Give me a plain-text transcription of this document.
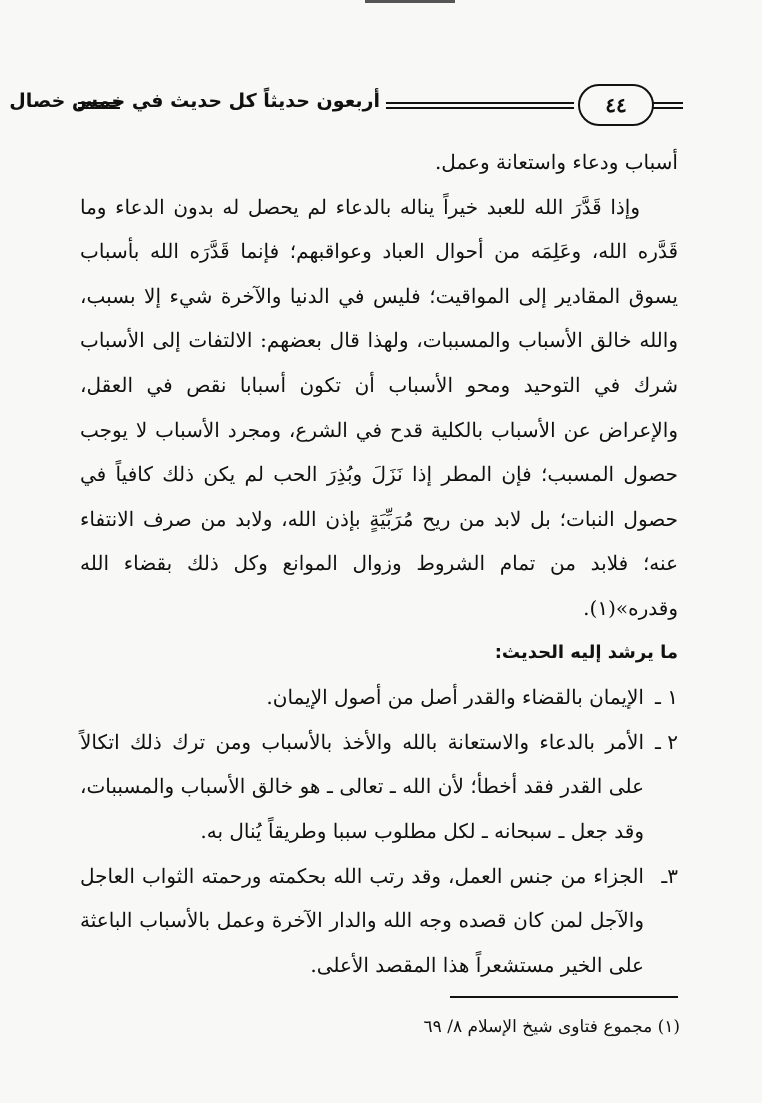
أربعون حديثاً كل حديث في خمس خصال	٤٤

أسباب ودعاء واستعانة وعمل.

وإذا قَدَّرَ الله للعبد خيراً يناله بالدعاء لم يحصل له بدون الدعاء وما قَدَّره الله، وعَلِمَه من أحوال العباد وعواقبهم؛ فإنما قَدَّرَه الله بأسباب يسوق المقادير إلى المواقيت؛ فليس في الدنيا والآخرة شيء إلا بسبب، والله خالق الأسباب والمسببات، ولهذا قال بعضهم: الالتفات إلى الأسباب شرك في التوحيد ومحو الأسباب أن تكون أسبابا نقص في العقل، والإعراض عن الأسباب بالكلية قدح في الشرع، ومجرد الأسباب لا يوجب حصول المسبب؛ فإن المطر إذا نَزَلَ وبُذِرَ الحب لم يكن ذلك كافياً في حصول النبات؛ بل لابد من ريح مُرَبِّيَةٍ بإذن الله، ولابد من صرف الانتفاء عنه؛ فلابد من تمام الشروط وزوال الموانع وكل ذلك بقضاء الله وقدره»(١).

ما يرشد إليه الحديث:

١ ـ
الإيمان بالقضاء والقدر أصل من أصول الإيمان.
٢ ـ
الأمر بالدعاء والاستعانة بالله والأخذ بالأسباب ومن ترك ذلك اتكالاً على القدر فقد أخطأ؛ لأن الله ـ تعالى ـ هو خالق الأسباب والمسببات، وقد جعل ـ سبحانه ـ لكل مطلوب سببا وطريقاً يُنال به.
٣ـ
الجزاء من جنس العمل، وقد رتب الله بحكمته ورحمته الثواب العاجل والآجل لمن كان قصده وجه الله والدار الآخرة وعمل بالأسباب الباعثة على الخير مستشعراً هذا المقصد الأعلى.
(١) مجموع فتاوى شيخ الإسلام ٨/ ٦٩
